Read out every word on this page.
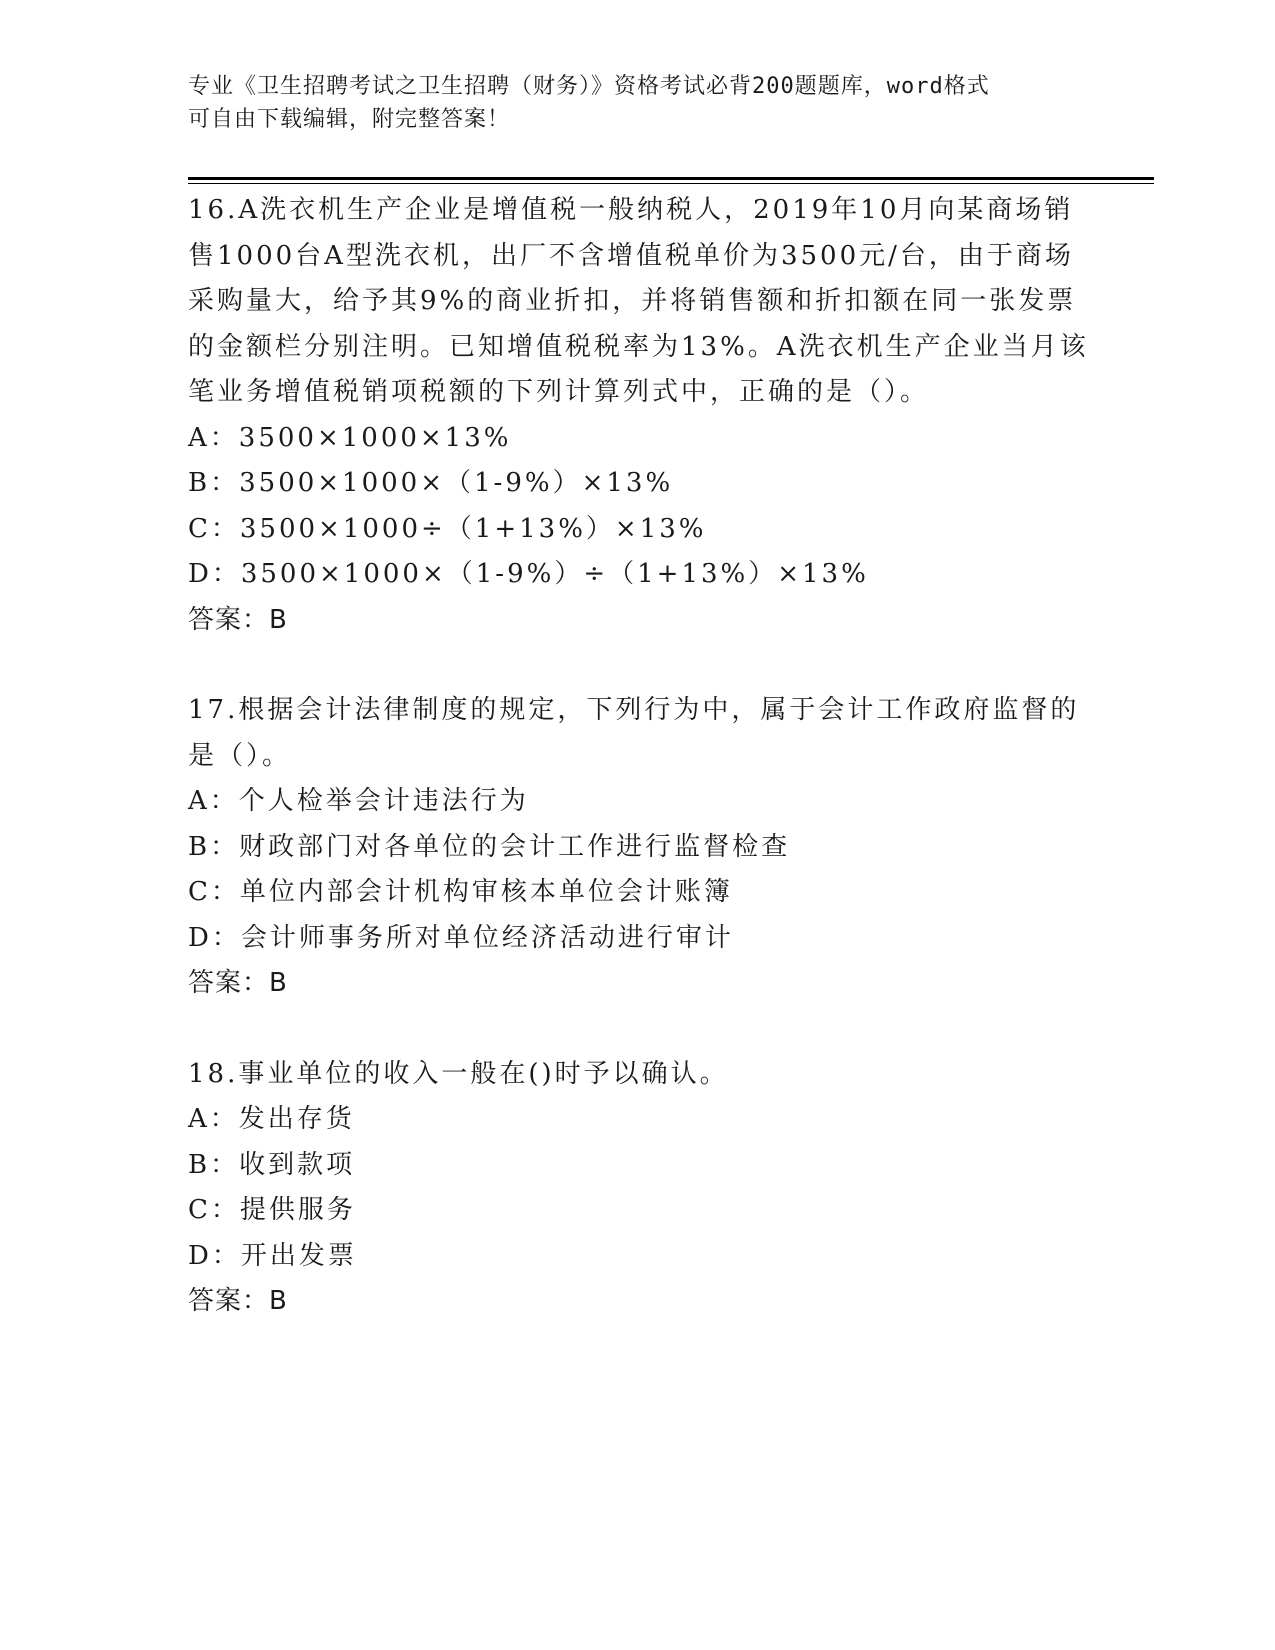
专业《卫生招聘考试之卫生招聘（财务）》资格考试必背200题题库，word格式
可自由下载编辑，附完整答案！
16.A洗衣机生产企业是增值税一般纳税人，2019年10月向某商场销
售1000台A型洗衣机，出厂不含增值税单价为3500元/台，由于商场
采购量大，给予其9%的商业折扣，并将销售额和折扣额在同一张发票
的金额栏分别注明。已知增值税税率为13%。A洗衣机生产企业当月该
笔业务增值税销项税额的下列计算列式中，正确的是（）。
A：3500×1000×13%
B：3500×1000×（1-9%）×13%
C：3500×1000÷（1+13%）×13%
D：3500×1000×（1-9%）÷（1+13%）×13%
答案：B
17.根据会计法律制度的规定，下列行为中，属于会计工作政府监督的
是（）。
A：个人检举会计违法行为
B：财政部门对各单位的会计工作进行监督检查
C：单位内部会计机构审核本单位会计账簿
D：会计师事务所对单位经济活动进行审计
答案：B
18.事业单位的收入一般在()时予以确认。
A：发出存货
B：收到款项
C：提供服务
D：开出发票
答案：B
